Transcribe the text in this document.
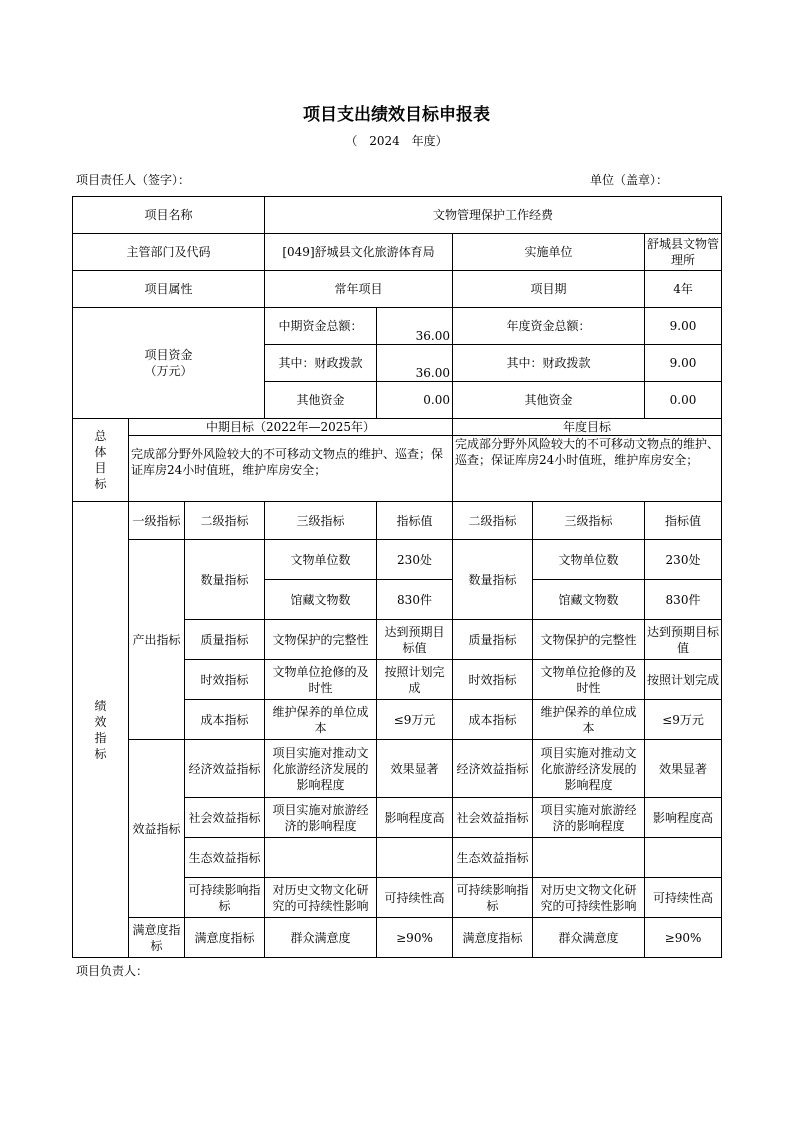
项目支出绩效目标申报表
（ 2024 年度）
项目责任人（签字）：	单位（盖章）：
项目名称			文物管理保护工作经费				
主管部门及代码			[049]舒城县文化旅游体育局		实施单位		舒城县文物管理所
项目属性			常年项目		项目期		4年
项目资金
（万元）			中期资金总额：	36.00	年度资金总额：		9.00
			其中：财政拨款	36.00	其中：财政拨款		9.00
			其他资金	0.00	其他资金		0.00
总
体
目
标	中期目标（2022年—2025年）				年度目标		
	完成部分野外风险较大的不可移动文物点的维护、巡查；保证库房24小时值班，维护库房安全；				完成部分野外风险较大的不可移动文物点的维护、巡查；保证库房24小时值班，维护库房安全；		
绩
效
指
标	一级指标	二级指标	三级指标	指标值	二级指标	三级指标	指标值
	产出指标	数量指标	文物单位数	230处	数量指标	文物单位数	230处
			馆藏文物数	830件		馆藏文物数	830件
		质量指标	文物保护的完整性	达到预期目标值	质量指标	文物保护的完整性	达到预期目标值
		时效指标	文物单位抢修的及时性	按照计划完成	时效指标	文物单位抢修的及时性	按照计划完成
		成本指标	维护保养的单位成本	≤9万元	成本指标	维护保养的单位成本	≤9万元
	效益指标	经济效益指标	项目实施对推动文化旅游经济发展的影响程度	效果显著	经济效益指标	项目实施对推动文化旅游经济发展的影响程度	效果显著
		社会效益指标	项目实施对旅游经济的影响程度	影响程度高	社会效益指标	项目实施对旅游经济的影响程度	影响程度高
		生态效益指标			生态效益指标		
		可持续影响指标	对历史文物文化研究的可持续性影响	可持续性高	可持续影响指标	对历史文物文化研究的可持续性影响	可持续性高
	满意度指标	满意度指标	群众满意度	≥90%	满意度指标	群众满意度	≥90%
项目负责人：
